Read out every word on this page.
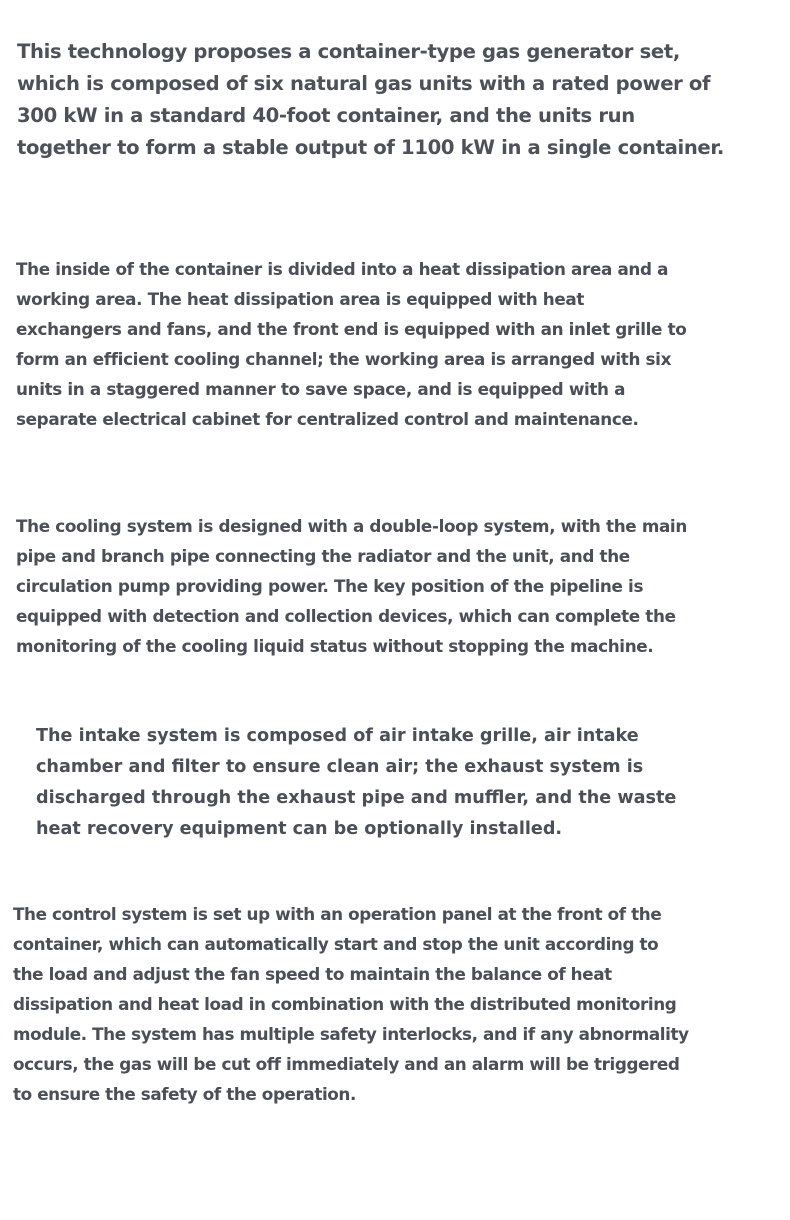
This technology proposes a container-type gas generator set,
which is composed of six natural gas units with a rated power of
300 kW in a standard 40-foot container, and the units run
together to form a stable output of 1100 kW in a single container.

The inside of the container is divided into a heat dissipation area and a
working area. The heat dissipation area is equipped with heat
exchangers and fans, and the front end is equipped with an inlet grille to
form an efficient cooling channel; the working area is arranged with six
units in a staggered manner to save space, and is equipped with a
separate electrical cabinet for centralized control and maintenance.

The cooling system is designed with a double-loop system, with the main
pipe and branch pipe connecting the radiator and the unit, and the
circulation pump providing power. The key position of the pipeline is
equipped with detection and collection devices, which can complete the
monitoring of the cooling liquid status without stopping the machine.

The intake system is composed of air intake grille, air intake
chamber and filter to ensure clean air; the exhaust system is
discharged through the exhaust pipe and muffler, and the waste
heat recovery equipment can be optionally installed.

The control system is set up with an operation panel at the front of the
container, which can automatically start and stop the unit according to
the load and adjust the fan speed to maintain the balance of heat
dissipation and heat load in combination with the distributed monitoring
module. The system has multiple safety interlocks, and if any abnormality
occurs, the gas will be cut off immediately and an alarm will be triggered
to ensure the safety of the operation.
